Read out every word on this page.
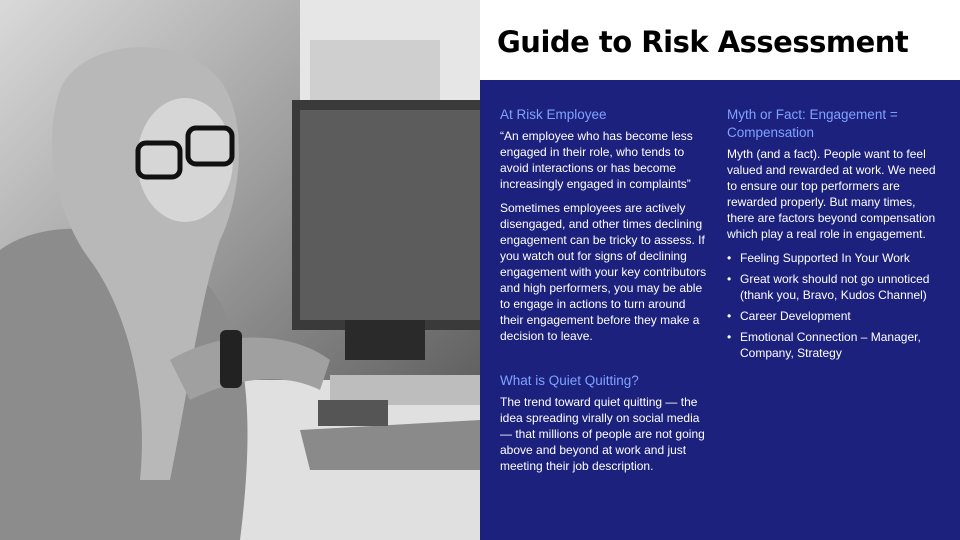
Guide to Risk Assessment
At Risk Employee
“An employee who has become less engaged in their role, who tends to avoid interactions or has become increasingly engaged in complaints”
Sometimes employees are actively disengaged, and other times declining engagement can be tricky to assess. If you watch out for signs of declining engagement with your key contributors and high performers, you may be able to engage in actions to turn around their engagement before they make a decision to leave.
What is Quiet Quitting?
The trend toward quiet quitting — the idea spreading virally on social media — that millions of people are not going above and beyond at work and just meeting their job description.
Myth or Fact: Engagement = Compensation
Myth (and a fact). People want to feel valued and rewarded at work. We need to ensure our top performers are rewarded properly. But many times, there are factors beyond compensation which play a real role in engagement.
• Feeling Supported In Your Work
• Great work should not go unnoticed (thank you, Bravo, Kudos Channel)
• Career Development
• Emotional Connection – Manager, Company, Strategy
